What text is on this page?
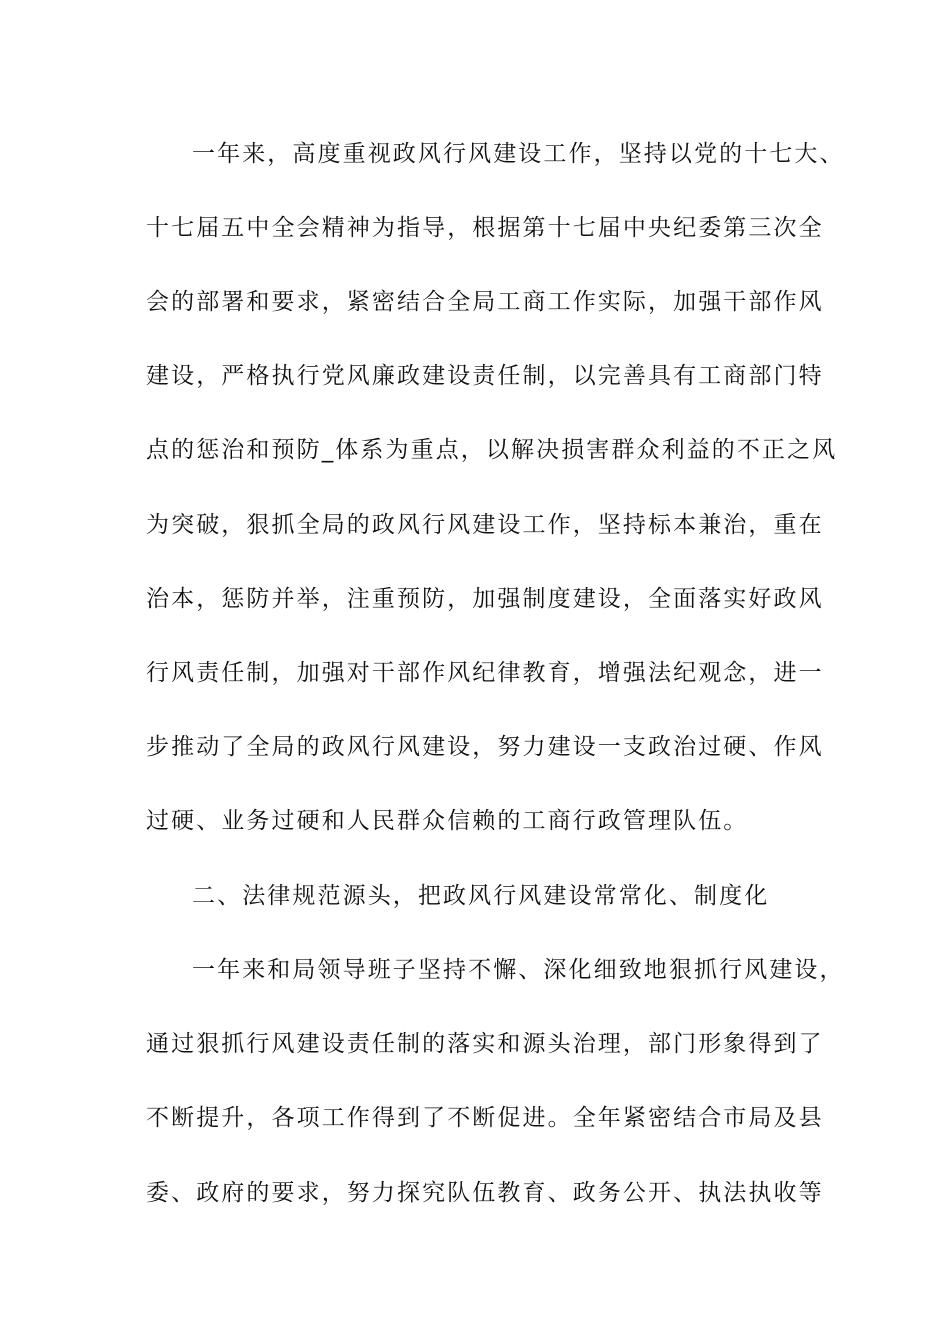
一年来，高度重视政风行风建设工作，坚持以党的十七大、
十七届五中全会精神为指导，根据第十七届中央纪委第三次全
会的部署和要求，紧密结合全局工商工作实际，加强干部作风
建设，严格执行党风廉政建设责任制，以完善具有工商部门特
点的惩治和预防_体系为重点，以解决损害群众利益的不正之风
为突破，狠抓全局的政风行风建设工作，坚持标本兼治，重在
治本，惩防并举，注重预防，加强制度建设，全面落实好政风
行风责任制，加强对干部作风纪律教育，增强法纪观念，进一
步推动了全局的政风行风建设，努力建设一支政治过硬、作风
过硬、业务过硬和人民群众信赖的工商行政管理队伍。
二、法律规范源头，把政风行风建设常常化、制度化
一年来和局领导班子坚持不懈、深化细致地狠抓行风建设，
通过狠抓行风建设责任制的落实和源头治理，部门形象得到了
不断提升，各项工作得到了不断促进。全年紧密结合市局及县
委、政府的要求，努力探究队伍教育、政务公开、执法执收等
